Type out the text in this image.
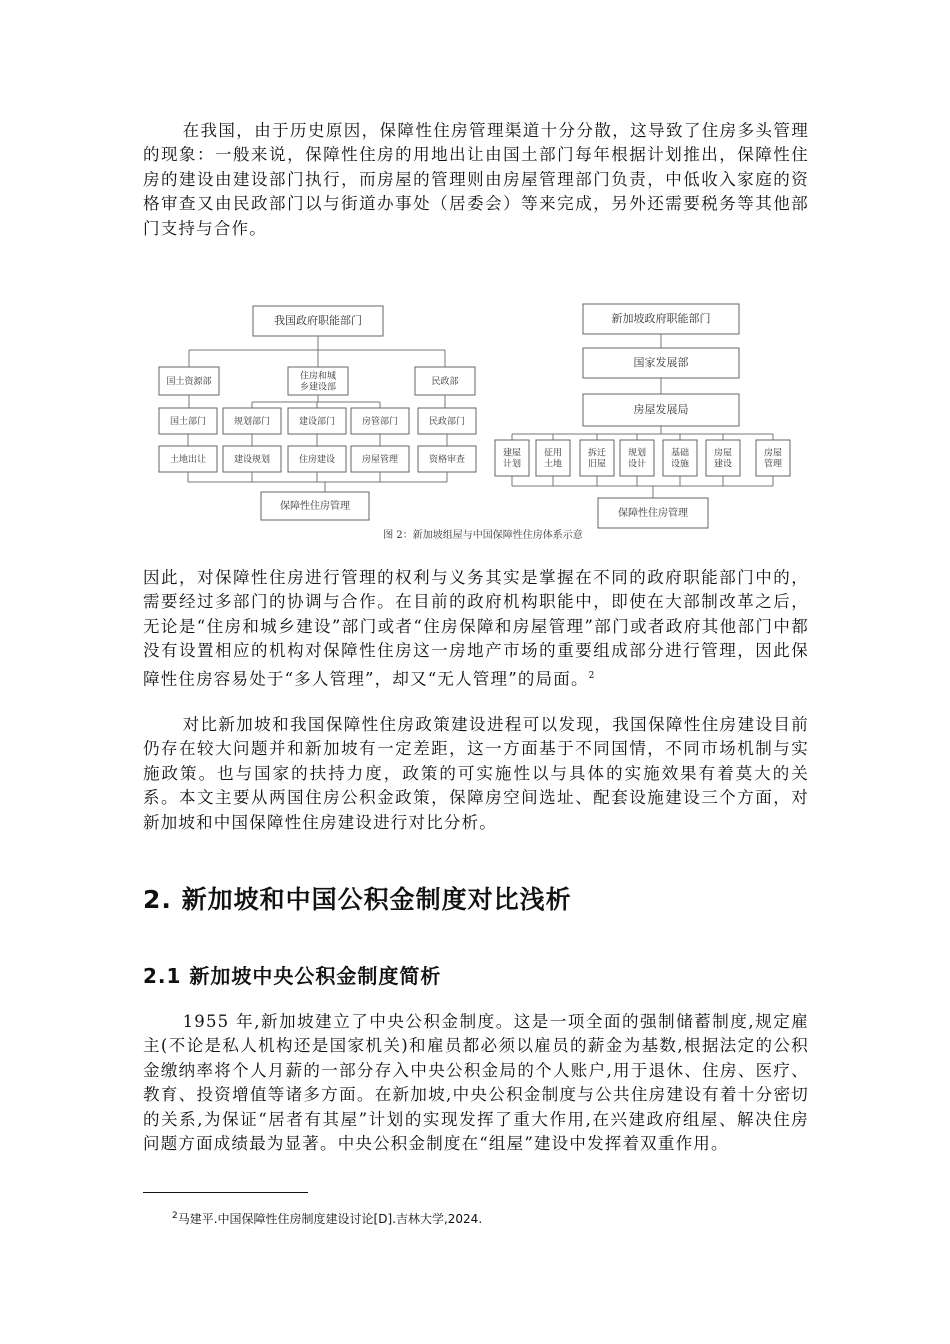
在我国，由于历史原因，保障性住房管理渠道十分分散，这导致了住房多头管理的现象：一般来说，保障性住房的用地出让由国土部门每年根据计划推出，保障性住房的建设由建设部门执行，而房屋的管理则由房屋管理部门负责，中低收入家庭的资格审查又由民政部门以与街道办事处（居委会）等来完成，另外还需要税务等其他部门支持与合作。

我国政府职能部门
国土资源部
住房和城乡建设部
民政部
国土部门	规划部门	建设部门	房管部门	民政部门
土地出让	建设规划	住房建设	房屋管理	资格审查
保障性住房管理
新加坡政府职能部门
国家发展部
房屋发展局
建屋计划
征用土地
拆迁旧屋
规划设计
基础设施
房屋建设
房屋管理
保障性住房管理
图 2：新加坡组屋与中国保障性住房体系示意

因此，对保障性住房进行管理的权利与义务其实是掌握在不同的政府职能部门中的，需要经过多部门的协调与合作。在目前的政府机构职能中，即使在大部制改革之后，无论是“住房和城乡建设”部门或者“住房保障和房屋管理”部门或者政府其他部门中都没有设置相应的机构对保障性住房这一房地产市场的重要组成部分进行管理，因此保障性住房容易处于“多人管理”，却又“无人管理”的局面。$^2$

对比新加坡和我国保障性住房政策建设进程可以发现，我国保障性住房建设目前仍存在较大问题并和新加坡有一定差距，这一方面基于不同国情，不同市场机制与实施政策。也与国家的扶持力度，政策的可实施性以与具体的实施效果有着莫大的关系。本文主要从两国住房公积金政策，保障房空间选址、配套设施建设三个方面，对新加坡和中国保障性住房建设进行对比分析。

2. 新加坡和中国公积金制度对比浅析
2.1 新加坡中央公积金制度简析

1955 年,新加坡建立了中央公积金制度。这是一项全面的强制储蓄制度,规定雇主(不论是私人机构还是国家机关)和雇员都必须以雇员的薪金为基数,根据法定的公积金缴纳率将个人月薪的一部分存入中央公积金局的个人账户,用于退休、住房、医疗、教育、投资增值等诸多方面。在新加坡,中央公积金制度与公共住房建设有着十分密切的关系,为保证“居者有其屋”计划的实现发挥了重大作用,在兴建政府组屋、解决住房问题方面成绩最为显著。中央公积金制度在“组屋”建设中发挥着双重作用。

$^2$马建平.中国保障性住房制度建设讨论[D].吉林大学,2024.
